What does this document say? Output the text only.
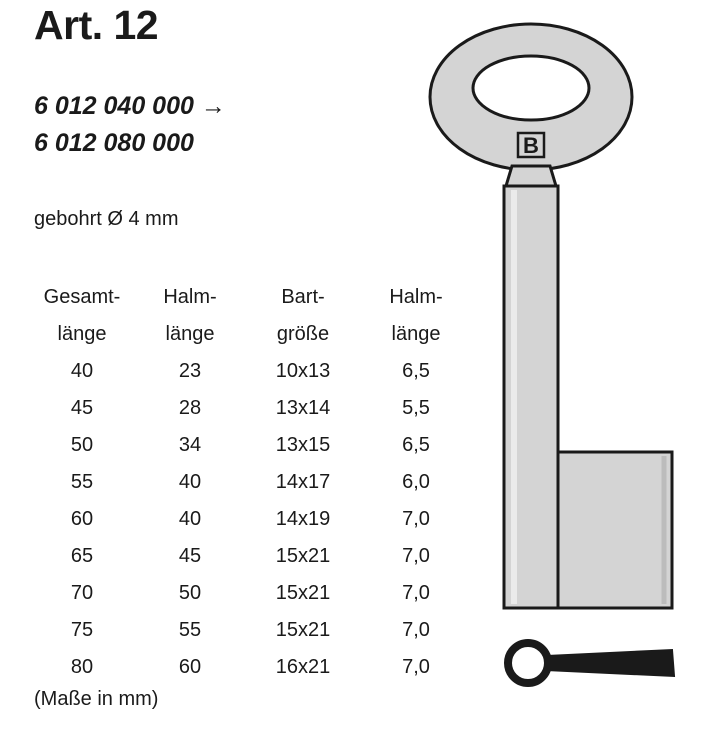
Art. 12
6 012 040 000 →
6 012 080 000
gebohrt Ø 4 mm
Gesamt-	Halm-	Bart-	Halm-
länge	länge	größe	länge
40	23	10x13	6,5
45	28	13x14	5,5
50	34	13x15	6,5
55	40	14x17	6,0
60	40	14x19	7,0
65	45	15x21	7,0
70	50	15x21	7,0
75	55	15x21	7,0
80	60	16x21	7,0
(Maße in mm)
B
